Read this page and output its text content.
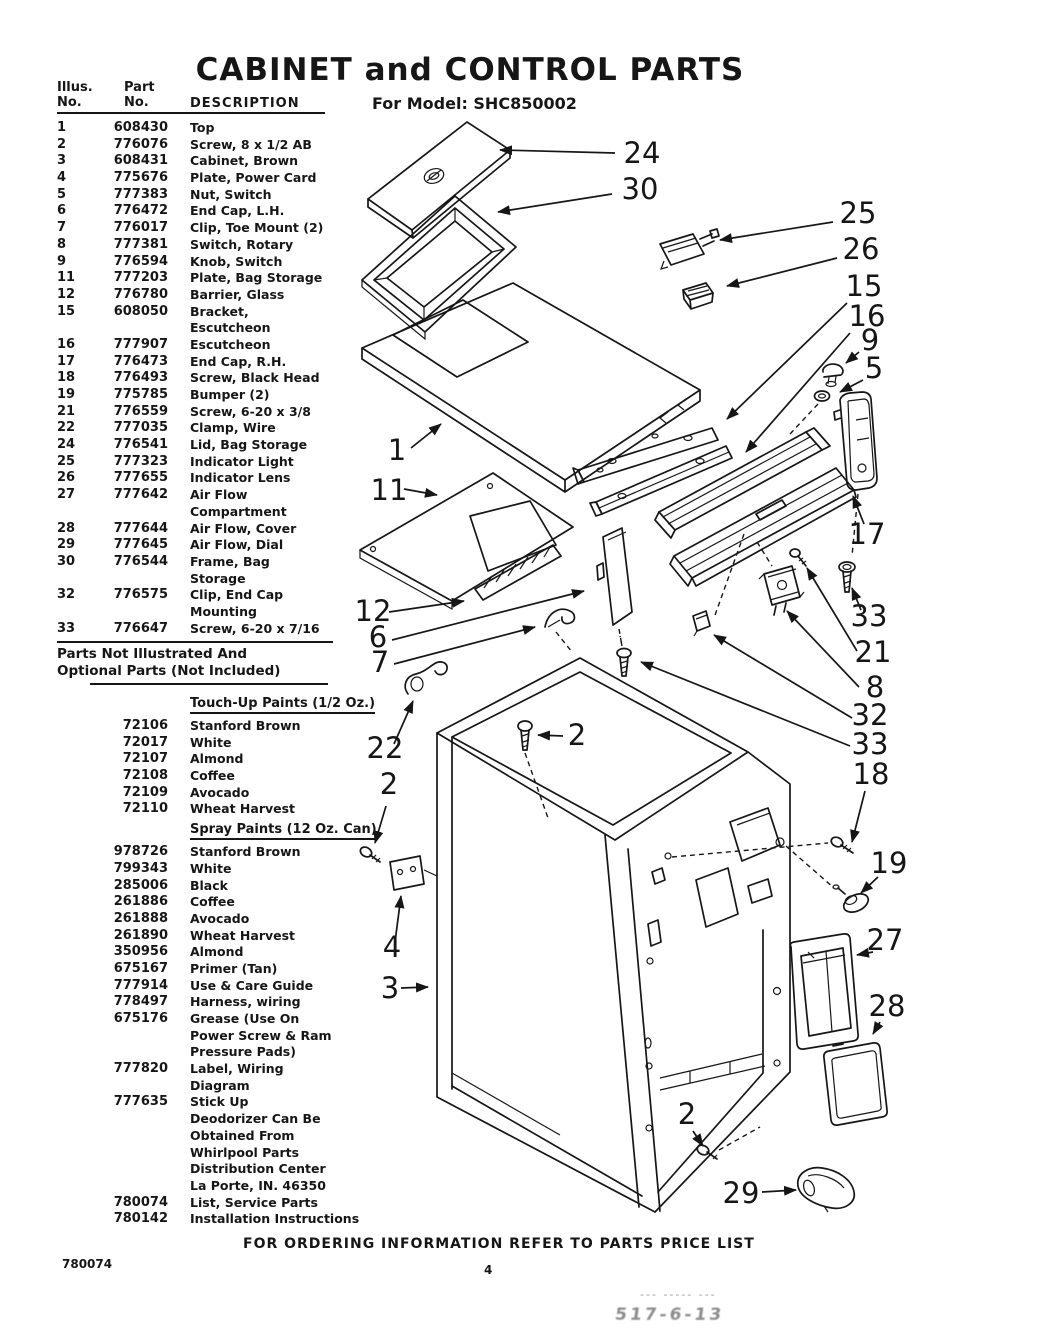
CABINET and CONTROL PARTS
For Model: SHC850002
Illus.
No.
Part
No.	DESCRIPTION
1	608430 Top
2	776076 Screw, 8 x 1/2 AB
3	608431 Cabinet, Brown
4	775676 Plate, Power Card
5	777383 Nut, Switch
6	776472 End Cap, L.H.
7	776017 Clip, Toe Mount (2)
8	777381 Switch, Rotary
9	776594 Knob, Switch
11	777203 Plate, Bag Storage
12	776780 Barrier, Glass
15	608050 Bracket,
Escutcheon
16	777907 Escutcheon
17	776473 End Cap, R.H.
18	776493 Screw, Black Head
19	775785 Bumper (2)
21	776559 Screw, 6-20 x 3/8
22	777035 Clamp, Wire
24	776541 Lid, Bag Storage
25	777323 Indicator Light
26	777655 Indicator Lens
27	777642 Air Flow
Compartment
28	777644 Air Flow, Cover
29	777645 Air Flow, Dial
30	776544 Frame, Bag
Storage
32	776575 Clip, End Cap
Mounting
33	776647 Screw, 6-20 x 7/16
Parts Not Illustrated And
Optional Parts (Not Included)
Touch-Up Paints (1/2 Oz.)
72106 Stanford Brown
72017 White
72107 Almond
72108 Coffee
72109 Avocado
72110 Wheat Harvest
Spray Paints (12 Oz. Can)
978726 Stanford Brown
799343 White
285006 Black
261886 Coffee
261888 Avocado
261890 Wheat Harvest
350956 Almond
675167 Primer (Tan)
777914 Use & Care Guide
778497 Harness, wiring
675176 Grease (Use On
Power Screw & Ram
Pressure Pads)
777820 Label, Wiring
Diagram
777635 Stick Up
Deodorizer Can Be
Obtained From
Whirlpool Parts
Distribution Center
La Porte, IN. 46350
780074 List, Service Parts
780142 Installation Instructions
FOR ORDERING INFORMATION REFER TO PARTS PRICE LIST
780074	4
--- ----- ---
517-6-13
24
30
25
26
15
16
9
5
1
11
17
33
21
8
32
33
18
19
27
28
29
2
22
2
4
3
2
12
6
7
